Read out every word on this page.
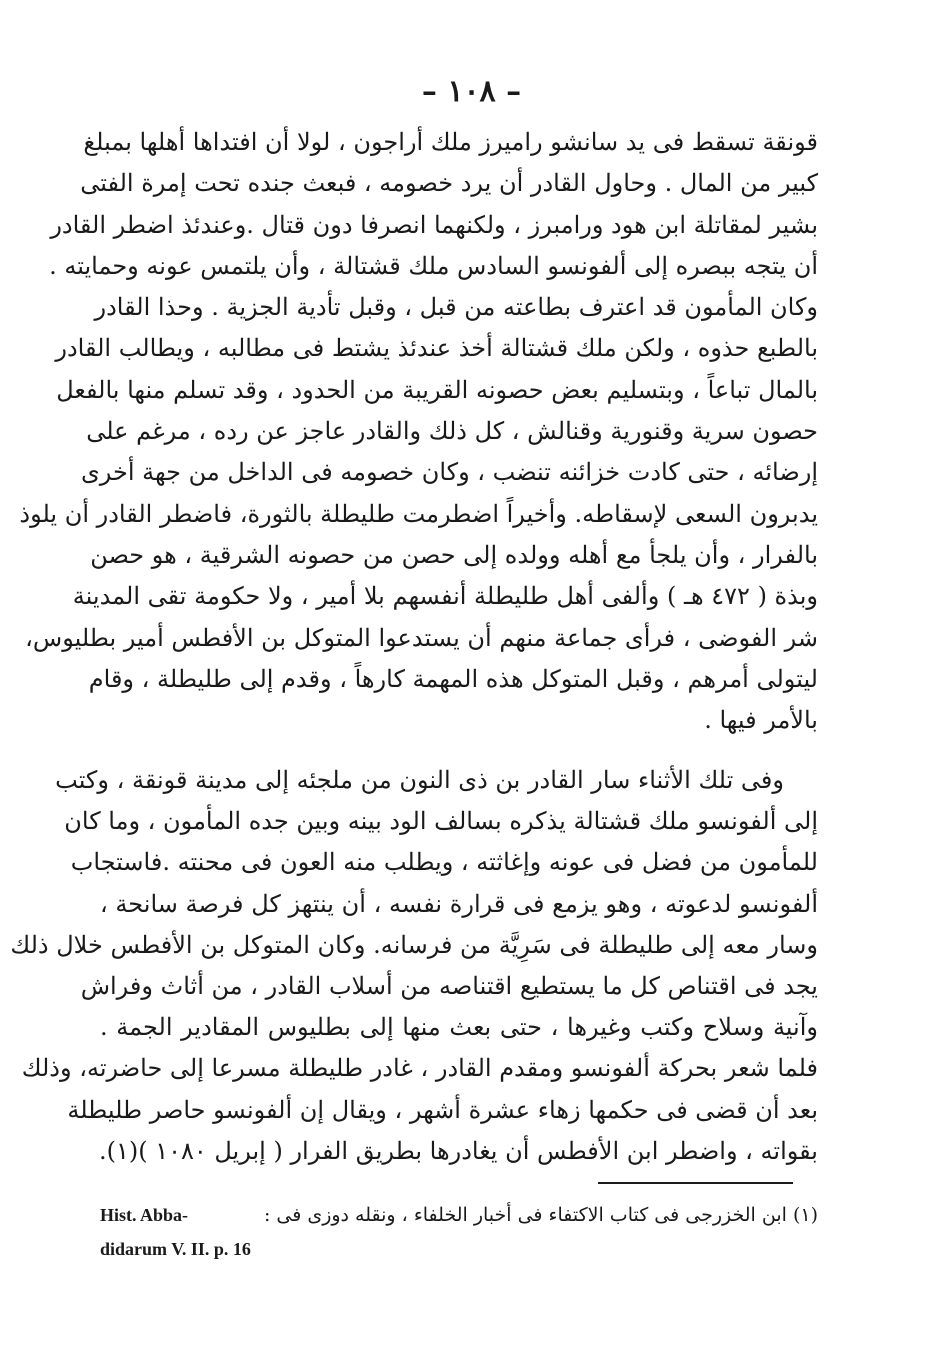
– ١٠٨ –
قونقة تسقط فى يد سانشو راميرز ملك أراجون ، لولا أن افتداها أهلها بمبلغ
كبير من المال . وحاول القادر أن يرد خصومه ، فبعث جنده تحت إمرة الفتى
بشير لمقاتلة ابن هود ورامبرز ، ولكنهما انصرفا دون قتال .وعندئذ اضطر القادر
أن يتجه ببصره إلى ألفونسو السادس ملك قشتالة ، وأن يلتمس عونه وحمايته .
وكان المأمون قد اعترف بطاعته من قبل ، وقبل تأدية الجزية . وحذا القادر
بالطبع حذوه ، ولكن ملك قشتالة أخذ عندئذ يشتط فى مطالبه ، ويطالب القادر
بالمال تباعاً ، وبتسليم بعض حصونه القريبة من الحدود ، وقد تسلم منها بالفعل
حصون سرية وقنورية وقنالش ، كل ذلك والقادر عاجز عن رده ، مرغم على
إرضائه ، حتى كادت خزائنه تنضب ، وكان خصومه فى الداخل من جهة أخرى
يدبرون السعى لإسقاطه. وأخيراً اضطرمت طليطلة بالثورة، فاضطر القادر أن يلوذ
بالفرار ، وأن يلجأ مع أهله وولده إلى حصن من حصونه الشرقية ، هو حصن
وبذة ( ٤٧٢ هـ ) وألفى أهل طليطلة أنفسهم بلا أمير ، ولا حكومة تقى المدينة
شر الفوضى ، فرأى جماعة منهم أن يستدعوا المتوكل بن الأفطس أمير بطليوس،
ليتولى أمرهم ، وقبل المتوكل هذه المهمة كارهاً ، وقدم إلى طليطلة ، وقام
بالأمر فيها .
وفى تلك الأثناء سار القادر بن ذى النون من ملجئه إلى مدينة قونقة ، وكتب
إلى ألفونسو ملك قشتالة يذكره بسالف الود بينه وبين جده المأمون ، وما كان
للمأمون من فضل فى عونه وإغاثته ، ويطلب منه العون فى محنته .فاستجاب
ألفونسو لدعوته ، وهو يزمع فى قرارة نفسه ، أن ينتهز كل فرصة سانحة ،
وسار معه إلى طليطلة فى سَرِيَّة من فرسانه. وكان المتوكل بن الأفطس خلال ذلك
يجد فى اقتناص كل ما يستطيع اقتناصه من أسلاب القادر ، من أثاث وفراش
وآنية وسلاح وكتب وغيرها ، حتى بعث منها إلى بطليوس المقادير الجمة .
فلما شعر بحركة ألفونسو ومقدم القادر ، غادر طليطلة مسرعا إلى حاضرته، وذلك
بعد أن قضى فى حكمها زهاء عشرة أشهر ، ويقال إن ألفونسو حاصر طليطلة
بقواته ، واضطر ابن الأفطس أن يغادرها بطريق الفرار ( إبريل ١٠٨٠ )(١).
Hist. Abba-	(١) ابن الخزرجى فى كتاب الاكتفاء فى أخبار الخلفاء ، ونقله دوزى فى :
didarum V. II. p. 16
